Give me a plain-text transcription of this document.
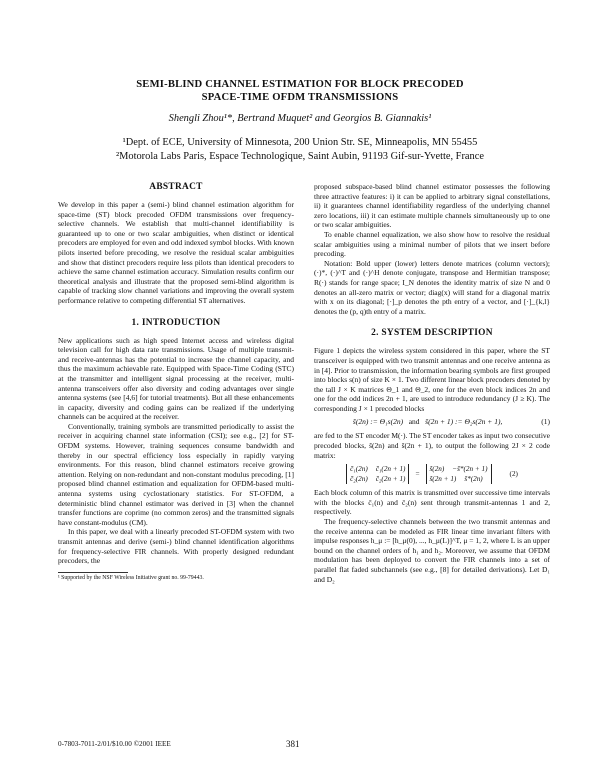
SEMI-BLIND CHANNEL ESTIMATION FOR BLOCK PRECODED
SPACE-TIME OFDM TRANSMISSIONS
Shengli Zhou¹*, Bertrand Muquet² and Georgios B. Giannakis¹
¹Dept. of ECE, University of Minnesota, 200 Union Str. SE, Minneapolis, MN 55455
²Motorola Labs Paris, Espace Technologique, Saint Aubin, 91193 Gif-sur-Yvette, France
ABSTRACT

We develop in this paper a (semi-) blind channel estimation algorithm for space-time (ST) block precoded OFDM transmissions over frequency-selective channels. We establish that multi-channel identifiability is guaranteed up to one or two scalar ambiguities, when distinct or identical precoders are employed for even and odd indexed symbol blocks. With known pilots inserted before precoding, we resolve the residual scalar ambiguities and show that distinct precoders require less pilots than identical precoders to achieve the same channel estimation accuracy. Simulation results confirm our theoretical analysis and illustrate that the proposed semi-blind algorithm is capable of tracking slow channel variations and improving the overall system performance relative to competing differential ST alternatives.

1. INTRODUCTION

New applications such as high speed Internet access and wireless digital television call for high data rate transmissions. Usage of multiple transmit- and receive-antennas has the potential to increase the channel capacity, and thus the maximum achievable rate. Equipped with Space-Time Coding (STC) at the transmitter and intelligent signal processing at the receiver, multi-antenna transceivers offer also diversity and coding advantages over single antenna systems (see [4,6] for tutorial treatments). But all these enhancements in capacity, diversity and coding gains can be realized if the underlying channels can be acquired at the receiver.

Conventionally, training symbols are transmitted periodically to assist the receiver in acquiring channel state information (CSI); see e.g., [2] for ST-OFDM systems. However, training sequences consume bandwidth and thereby in our spectral efficiency loss especially in rapidly varying environments. For this reason, blind channel estimators receive growing attention. Relying on non-redundant and non-constant modulus precoding, [1] proposed blind channel estimation and equalization for OFDM-based multi-antenna systems using cyclostationary statistics. For ST-OFDM, a deterministic blind channel estimator was derived in [3] when the channel transfer functions are coprime (no common zeros) and the transmitted signals have constant-modulus (CM).

In this paper, we deal with a linearly precoded ST-OFDM system with two transmit antennas and derive (semi-) blind channel identification algorithms for frequency-selective FIR channels. With properly designed redundant precoders, the

¹ Supported by the NSF Wireless Initiative grant no. 99-79443.

proposed subspace-based blind channel estimator possesses the following three attractive features: i) it can be applied to arbitrary signal constellations, ii) it guarantees channel identifiability regardless of the underlying channel zero locations, iii) it can estimate multiple channels simultaneously up to one or two scalar ambiguities.

To enable channel equalization, we also show how to resolve the residual scalar ambiguities using a minimal number of pilots that we insert before precoding.

Notation: Bold upper (lower) letters denote matrices (column vectors); (·)*, (·)^T and (·)^H denote conjugate, transpose and Hermitian transpose; R(·) stands for range space; I_N denotes the identity matrix of size N and 0 denotes an all-zero matrix or vector; diag(x) will stand for a diagonal matrix with x on its diagonal; [·]_p denotes the pth entry of a vector, and [·]_{k,l} denotes the (p, q)th entry of a matrix.

2. SYSTEM DESCRIPTION

Figure 1 depicts the wireless system considered in this paper, where the ST transceiver is equipped with two transmit antennas and one receive antenna as in [4]. Prior to transmission, the information bearing symbols are first grouped into blocks s(n) of size K × 1. Two different linear block precoders denoted by the tall J × K matrices Θ_1 and Θ_2, one for the even block indices 2n and one for the odd indices 2n + 1, are used to introduce redundancy (J ≥ K). The corresponding J × 1 precoded blocks

s̃(2n) := Θ₁s(2n) and s̃(2n + 1) := Θ₂s(2n + 1),	(1)

are fed to the ST encoder M(·). The ST encoder takes as input two consecutive precoded blocks, s̃(2n) and s̃(2n + 1), to output the following 2J × 2 code matrix:

c̄₁(2n) c̄₁(2n + 1)
c̄₂(2n) c̄₂(2n + 1)
=
s̃(2n) −s̃*(2n + 1)
s̃(2n + 1) s̃*(2n)
(2)

Each block column of this matrix is transmitted over successive time intervals with the blocks c̄₁(n) and c̄₂(n) sent through transmit-antennas 1 and 2, respectively.

The frequency-selective channels between the two transmit antennas and the receive antenna can be modeled as FIR linear time invariant filters with impulse responses h_μ := [h_μ(0), ..., h_μ(L)]^T, μ = 1, 2, where L is an upper bound on the channel orders of h₁ and h₂. Moreover, we assume that OFDM modulation has been deployed to convert the FIR channels into a set of parallel flat faded subchannels (see e.g., [8] for detailed derivations). Let D₁ and D₂

0-7803-7011-2/01/$10.00 ©2001 IEEE	381
